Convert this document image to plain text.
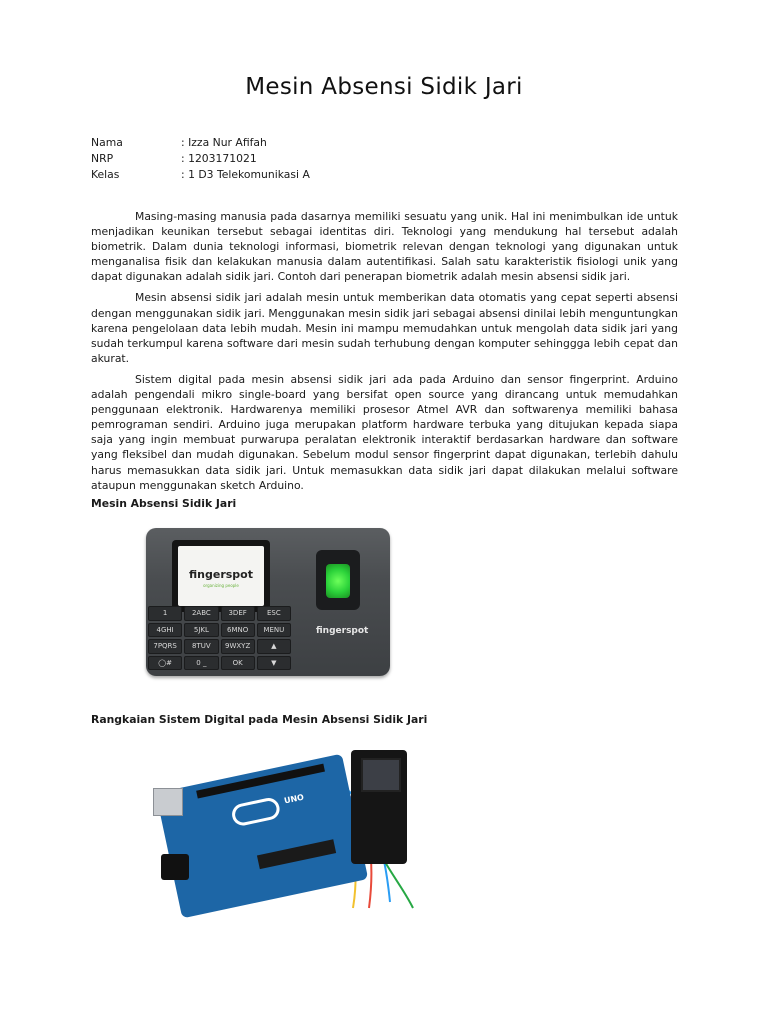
Mesin Absensi Sidik Jari
Nama	: Izza Nur Afifah
NRP	: 1203171021
Kelas	: 1 D3 Telekomunikasi A

Masing-masing manusia pada dasarnya memiliki sesuatu yang unik. Hal ini menimbulkan ide untuk menjadikan keunikan tersebut sebagai identitas diri. Teknologi yang mendukung hal tersebut adalah biometrik. Dalam dunia teknologi informasi, biometrik relevan dengan teknologi yang digunakan untuk menganalisa fisik dan kelakukan manusia dalam autentifikasi. Salah satu karakteristik fisiologi unik yang dapat digunakan adalah sidik jari. Contoh dari penerapan biometrik adalah mesin absensi sidik jari.

Mesin absensi sidik jari adalah mesin untuk memberikan data otomatis yang cepat seperti absensi dengan menggunakan sidik jari. Menggunakan mesin sidik jari sebagai absensi dinilai lebih menguntungkan karena pengelolaan data lebih mudah. Mesin ini mampu memudahkan untuk mengolah data sidik jari yang sudah terkumpul karena software dari mesin sudah terhubung dengan komputer sehinggga lebih cepat dan akurat.

Sistem digital pada mesin absensi sidik jari ada pada Arduino dan sensor fingerprint. Arduino adalah pengendali mikro single-board yang bersifat open source yang dirancang untuk memudahkan penggunaan elektronik. Hardwarenya memiliki prosesor Atmel AVR dan softwarenya memiliki bahasa pemrograman sendiri. Arduino juga merupakan platform hardware terbuka yang ditujukan kepada siapa saja yang ingin membuat purwarupa peralatan elektronik interaktif berdasarkan hardware dan software yang fleksibel dan mudah digunakan. Sebelum modul sensor fingerprint dapat digunakan, terlebih dahulu harus memasukkan data sidik jari. Untuk memasukkan data sidik jari dapat dilakukan melalui software ataupun menggunakan sketch Arduino.

Mesin Absensi Sidik Jari
fingerspot
organizing people
1	2ABC	3DEF	ESC
4GHI	5JKL	6MNO	MENU
7PQRS	8TUV	9WXYZ	▲
◯#	0 _	OK	▼
fingerspot
Rangkaian Sistem Digital pada Mesin Absensi Sidik Jari
UNO
